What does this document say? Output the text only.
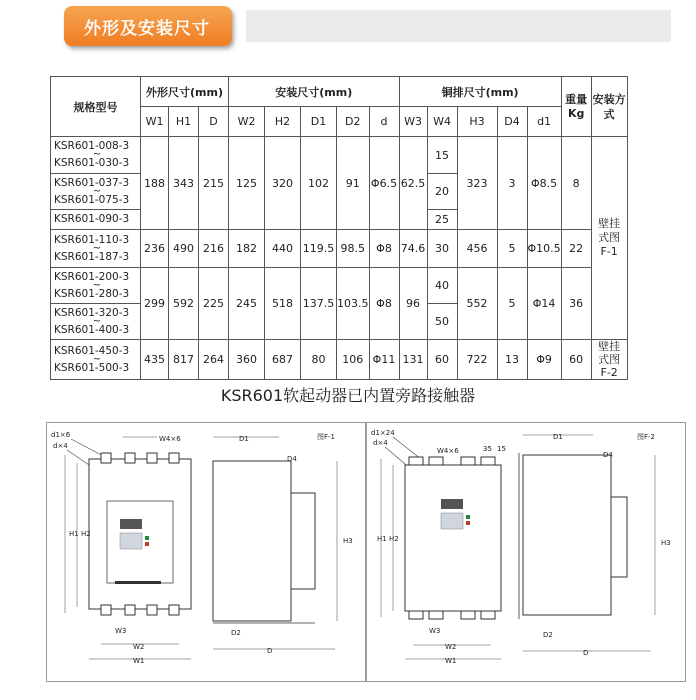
外形及安装尺寸
规格型号	外形尺寸(mm)			安装尺寸(mm)					铜排尺寸(mm)					重量Kg	安装方式
	W1	H1	D	W2	H2	D1	D2	d	W3	W4	H3	D4	d1		
KSR601-008-3
~
KSR601-030-3	188	343	215	125	320	102	91	Φ6.5	62.5	15	323	3	Φ8.5	8	壁挂式图F-1
KSR601-037-3
~
KSR601-075-3										20					
KSR601-090-3										25					
KSR601-110-3
~
KSR601-187-3	236	490	216	182	440	119.5	98.5	Φ8	74.6	30	456	5	Φ10.5	22	
KSR601-200-3
~
KSR601-280-3	299	592	225	245	518	137.5	103.5	Φ8	96	40	552	5	Φ14	36	
KSR601-320-3
~
KSR601-400-3										50					
KSR601-450-3
~
KSR601-500-3	435	817	264	360	687	80	106	Φ11	131	60	722	13	Φ9	60	壁挂式图F-2
KSR601软起动器已内置旁路接触器
d1×6
d×4
W4×6	图F-1
H1 H2
W3
W2
W1
D1
D4
H3
D2
D
d1×24
d×4
W4×6	35 15
图F-2
H1 H2
W3
W2
W1
D1
D4
H3
D2
D
